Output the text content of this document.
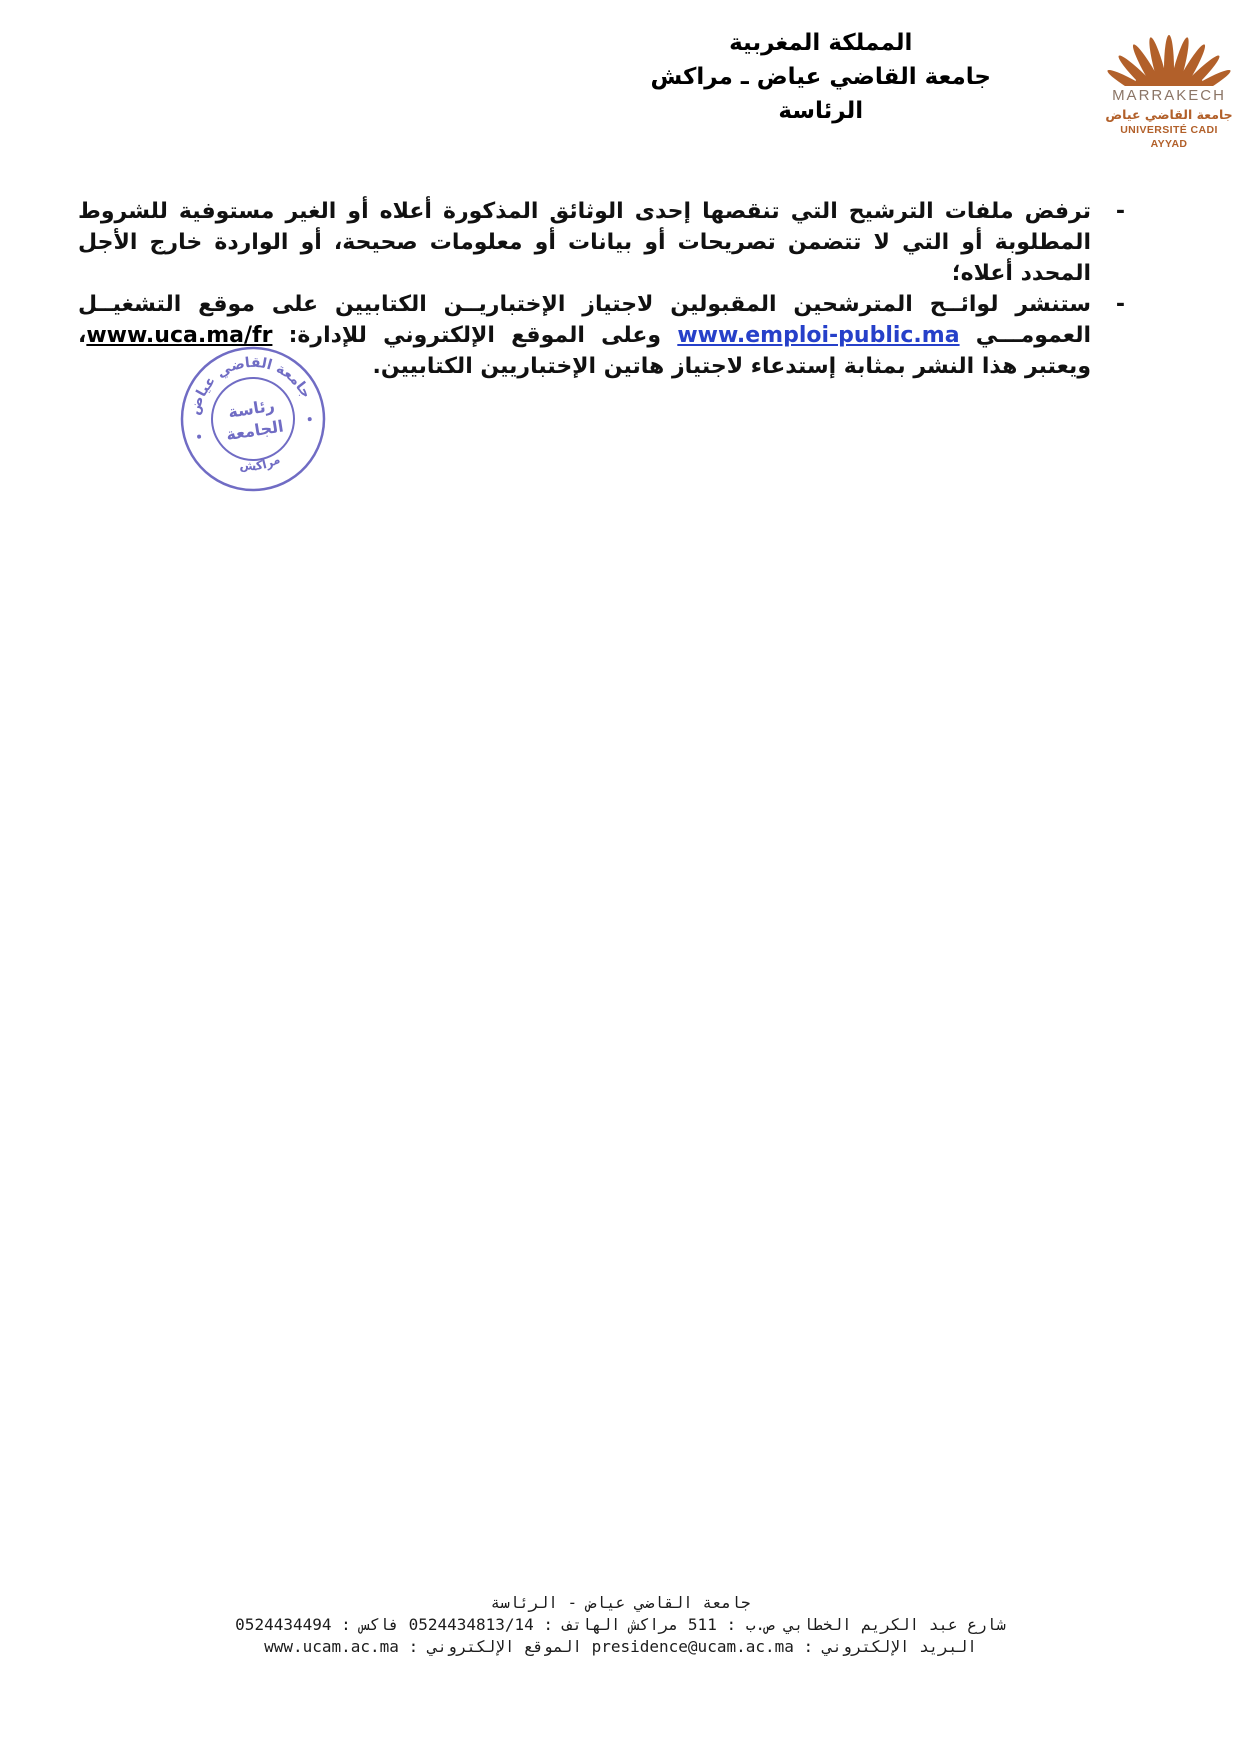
المملكة المغربية
جامعة القاضي عياض ـ مراكش
الرئاسة
MARRAKECH
جامعة القاضي عياض
UNIVERSITÉ CADI AYYAD
-
ترفض ملفات الترشيح التي تنقصها إحدى الوثائق المذكورة أعلاه أو الغير مستوفية للشروط المطلوبة أو التي لا تتضمن تصريحات أو بيانات أو معلومات صحيحة، أو الواردة خارج الأجل المحدد أعلاه؛
-
ستنشر لوائــح المترشحين المقبولين لاجتياز الإختباريــن الكتابيين على موقع التشغيــل العمومـــي www.emploi-public.ma وعلى الموقع الإلكتروني للإدارة: www.uca.ma/fr، ويعتبر هذا النشر بمثابة إستدعاء لاجتياز هاتين الإختباريين الكتابيين.
جامعة القاضي عياض
مراكش
رئاسة
الجامعة
جامعة القاضي عياض - الرئاسة
شارع عبد الكريم الخطابي ص.ب : 511 مراكش الهاتف : 0524434813/14 فاكس : 0524434494
البريد الإلكتروني : presidence@ucam.ac.ma الموقع الإلكتروني : www.ucam.ac.ma
